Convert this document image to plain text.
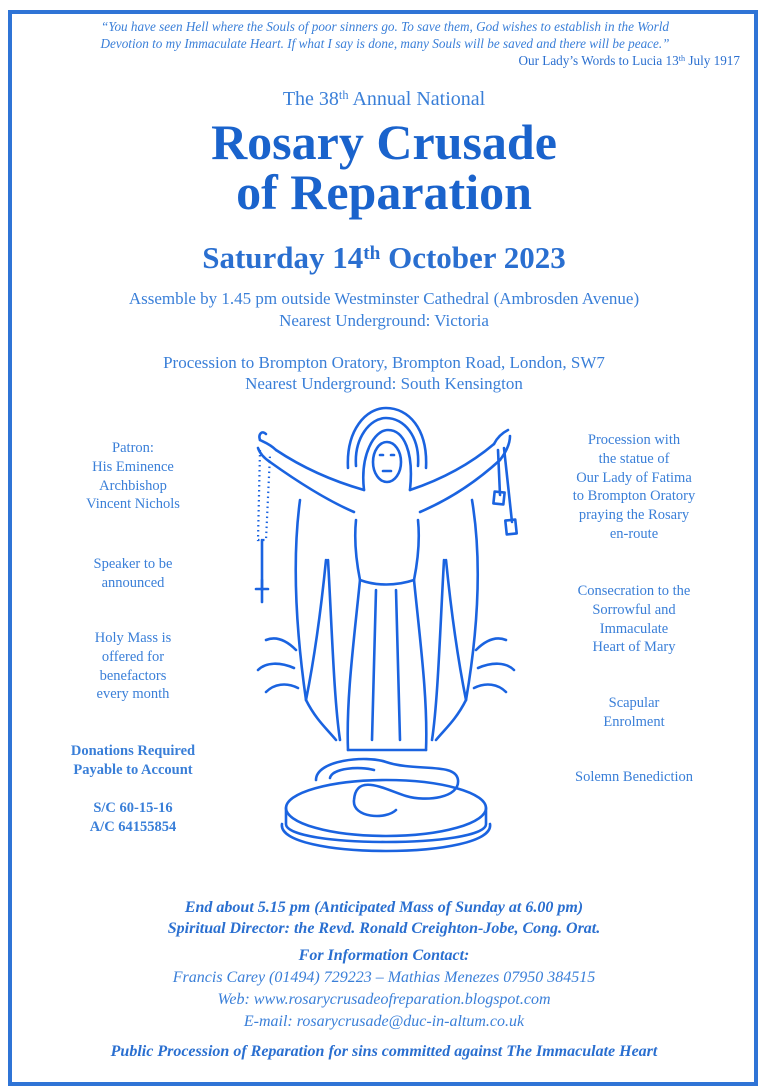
“You have seen Hell where the Souls of poor sinners go. To save them, God wishes to establish in the World
Devotion to my Immaculate Heart. If what I say is done, many Souls will be saved and there will be peace.”
Our Lady’s Words to Lucia 13th July 1917
The 38th Annual National
Rosary Crusade
of Reparation
Saturday 14th October 2023
Assemble by 1.45 pm outside Westminster Cathedral (Ambrosden Avenue)
Nearest Underground: Victoria
Procession to Brompton Oratory, Brompton Road, London, SW7
Nearest Underground: South Kensington
Patron:
His Eminence
Archbishop
Vincent Nichols
Speaker to be
announced
Holy Mass is
offered for
benefactors
every month
Donations Required
Payable to Account
S/C 60-15-16
A/C 64155854
Procession with
the statue of
Our Lady of Fatima
to Brompton Oratory
praying the Rosary
en-route
Consecration to the
Sorrowful and
Immaculate
Heart of Mary
Scapular
Enrolment
Solemn Benediction
End about 5.15 pm (Anticipated Mass of Sunday at 6.00 pm)
Spiritual Director: the Revd. Ronald Creighton-Jobe, Cong. Orat.
For Information Contact:
Francis Carey (01494) 729223 – Mathias Menezes 07950 384515
Web: www.rosarycrusadeofreparation.blogspot.com
E-mail: rosarycrusade@duc-in-altum.co.uk
Public Procession of Reparation for sins committed against The Immaculate Heart
